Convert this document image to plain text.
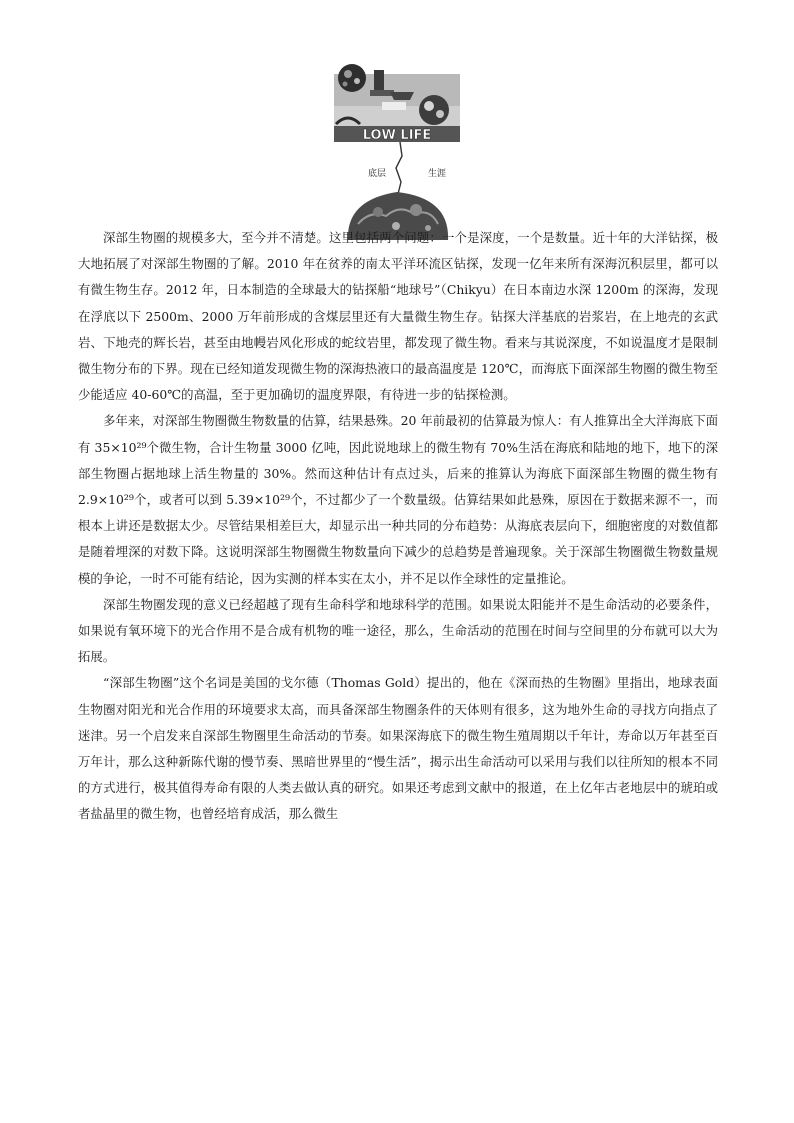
LOW LIFE
底层	生涯

深部生物圈的规模多大，至今并不清楚。这里包括两个问题：一个是深度，一个是数量。近十年的大洋钻探，极大地拓展了对深部生物圈的了解。2010 年在贫养的南太平洋环流区钻探，发现一亿年来所有深海沉积层里，都可以有微生物生存。2012 年，日本制造的全球最大的钻探船“地球号”（Chikyu）在日本南边水深 1200m 的深海，发现在浮底以下 2500m、2000 万年前形成的含煤层里还有大量微生物生存。钻探大洋基底的岩浆岩，在上地壳的玄武岩、下地壳的辉长岩，甚至由地幔岩风化形成的蛇纹岩里，都发现了微生物。看来与其说深度，不如说温度才是限制微生物分布的下界。现在已经知道发现微生物的深海热液口的最高温度是 120℃，而海底下面深部生物圈的微生物至少能适应 40-60℃的高温，至于更加确切的温度界限，有待进一步的钻探检测。

多年来，对深部生物圈微生物数量的估算，结果悬殊。20 年前最初的估算最为惊人：有人推算出全大洋海底下面有 35×10²⁹个微生物，合计生物量 3000 亿吨，因此说地球上的微生物有 70%生活在海底和陆地的地下，地下的深部生物圈占据地球上活生物量的 30%。然而这种估计有点过头，后来的推算认为海底下面深部生物圈的微生物有 2.9×10²⁹个，或者可以到 5.39×10²⁹个，不过都少了一个数量级。估算结果如此悬殊，原因在于数据来源不一，而根本上讲还是数据太少。尽管结果相差巨大，却显示出一种共同的分布趋势：从海底表层向下，细胞密度的对数值都是随着埋深的对数下降。这说明深部生物圈微生物数量向下减少的总趋势是普遍现象。关于深部生物圈微生物数量规模的争论，一时不可能有结论，因为实测的样本实在太小，并不足以作全球性的定量推论。

深部生物圈发现的意义已经超越了现有生命科学和地球科学的范围。如果说太阳能并不是生命活动的必要条件，如果说有氧环境下的光合作用不是合成有机物的唯一途径，那么，生命活动的范围在时间与空间里的分布就可以大为拓展。

“深部生物圈”这个名词是美国的戈尔德（Thomas Gold）提出的，他在《深而热的生物圈》里指出，地球表面生物圈对阳光和光合作用的环境要求太高，而具备深部生物圈条件的天体则有很多，这为地外生命的寻找方向指点了迷津。另一个启发来自深部生物圈里生命活动的节奏。如果深海底下的微生物生殖周期以千年计，寿命以万年甚至百万年计，那么这种新陈代谢的慢节奏、黑暗世界里的“慢生活”，揭示出生命活动可以采用与我们以往所知的根本不同的方式进行，极其值得寿命有限的人类去做认真的研究。如果还考虑到文献中的报道，在上亿年古老地层中的琥珀或者盐晶里的微生物，也曾经培育成活，那么微生
